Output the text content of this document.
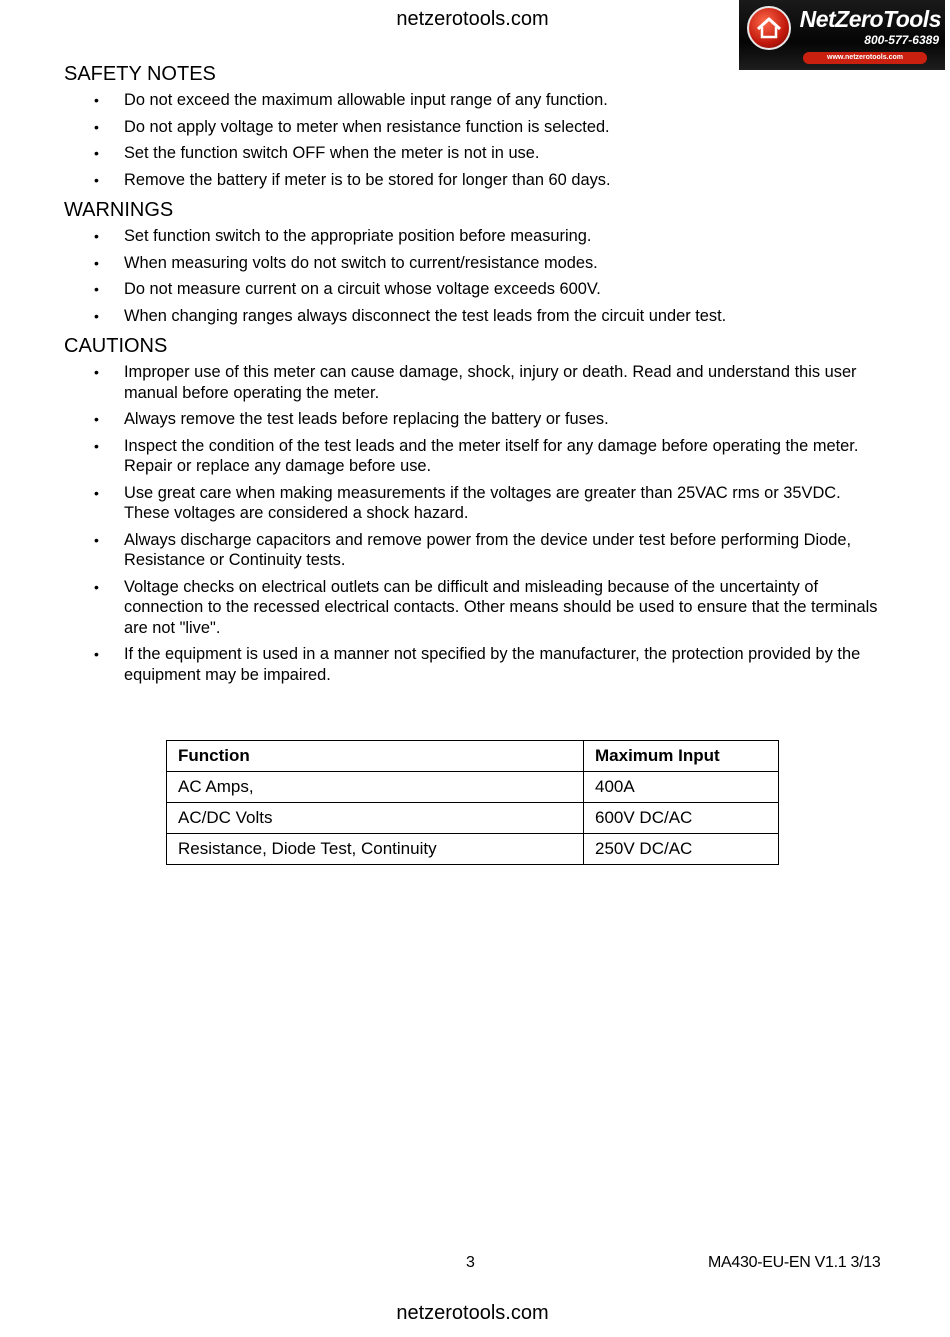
netzerotools.com	NetZeroTools
800-577-6389
www.netzerotools.com
SAFETY NOTES
• Do not exceed the maximum allowable input range of any function.
• Do not apply voltage to meter when resistance function is selected.
• Set the function switch OFF when the meter is not in use.
• Remove the battery if meter is to be stored for longer than 60 days.
WARNINGS
• Set function switch to the appropriate position before measuring.
• When measuring volts do not switch to current/resistance modes.
• Do not measure current on a circuit whose voltage exceeds 600V.
• When changing ranges always disconnect the test leads from the circuit under test.
CAUTIONS
• Improper use of this meter can cause damage, shock, injury or death. Read and understand this user manual before operating the meter.
• Always remove the test leads before replacing the battery or fuses.
• Inspect the condition of the test leads and the meter itself for any damage before operating the meter. Repair or replace any damage before use.
• Use great care when making measurements if the voltages are greater than 25VAC rms or 35VDC. These voltages are considered a shock hazard.
• Always discharge capacitors and remove power from the device under test before performing Diode, Resistance or Continuity tests.
• Voltage checks on electrical outlets can be difficult and misleading because of the uncertainty of connection to the recessed electrical contacts. Other means should be used to ensure that the terminals are not "live".
• If the equipment is used in a manner not specified by the manufacturer, the protection provided by the equipment may be impaired.
Function	Maximum Input
AC Amps,	400A
AC/DC Volts	600V DC/AC
Resistance, Diode Test, Continuity	250V DC/AC
3	MA430-EU-EN V1.1 3/13
netzerotools.com
